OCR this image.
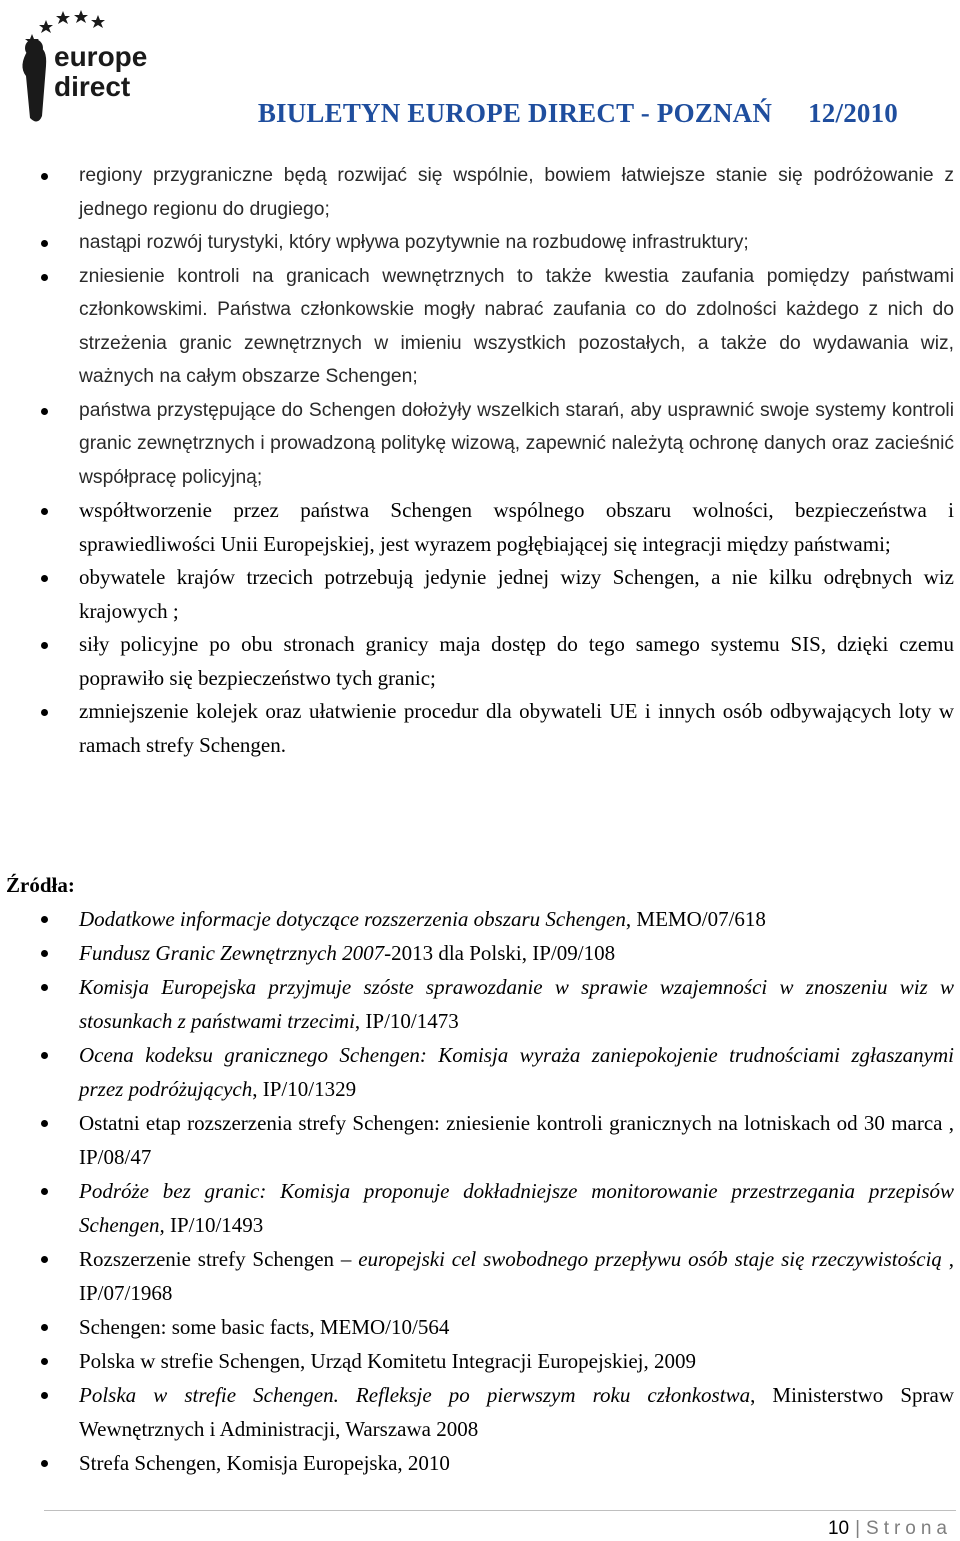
europe
direct
BIULETYN EUROPE DIRECT - POZNAŃ 12/2010
regiony przygraniczne będą rozwijać się wspólnie, bowiem łatwiejsze stanie się podróżowanie z jednego regionu do drugiego;
nastąpi rozwój turystyki, który wpływa pozytywnie na rozbudowę infrastruktury;
zniesienie kontroli na granicach wewnętrznych to także kwestia zaufania pomiędzy państwami członkowskimi. Państwa członkowskie mogły nabrać zaufania co do zdolności każdego z nich do strzeżenia granic zewnętrznych w imieniu wszystkich pozostałych, a także do wydawania wiz, ważnych na całym obszarze Schengen;
państwa przystępujące do Schengen dołożyły wszelkich starań, aby usprawnić swoje systemy kontroli granic zewnętrznych i prowadzoną politykę wizową, zapewnić należytą ochronę danych oraz zacieśnić współpracę policyjną;
współtworzenie przez państwa Schengen wspólnego obszaru wolności, bezpieczeństwa i sprawiedliwości Unii Europejskiej, jest wyrazem pogłębiającej się integracji między państwami;
obywatele krajów trzecich potrzebują jedynie jednej wizy Schengen, a nie kilku odrębnych wiz krajowych ;
siły policyjne po obu stronach granicy maja dostęp do tego samego systemu SIS, dzięki czemu poprawiło się bezpieczeństwo tych granic;
zmniejszenie kolejek oraz ułatwienie procedur dla obywateli UE i innych osób odbywających loty w ramach strefy Schengen.
Źródła:
Dodatkowe informacje dotyczące rozszerzenia obszaru Schengen, MEMO/07/618
Fundusz Granic Zewnętrznych 2007-2013 dla Polski, IP/09/108
Komisja Europejska przyjmuje szóste sprawozdanie w sprawie wzajemności w znoszeniu wiz w stosunkach z państwami trzecimi, IP/10/1473
Ocena kodeksu granicznego Schengen: Komisja wyraża zaniepokojenie trudnościami zgłaszanymi przez podróżujących, IP/10/1329
Ostatni etap rozszerzenia strefy Schengen: zniesienie kontroli granicznych na lotniskach od 30 marca , IP/08/47
Podróże bez granic: Komisja proponuje dokładniejsze monitorowanie przestrzegania przepisów Schengen, IP/10/1493
Rozszerzenie strefy Schengen – europejski cel swobodnego przepływu osób staje się rzeczywistością , IP/07/1968
Schengen: some basic facts, MEMO/10/564
Polska w strefie Schengen, Urząd Komitetu Integracji Europejskiej, 2009
Polska w strefie Schengen. Refleksje po pierwszym roku członkostwa, Ministerstwo Spraw Wewnętrznych i Administracji, Warszawa 2008
Strefa Schengen, Komisja Europejska, 2010
10 | Strona
